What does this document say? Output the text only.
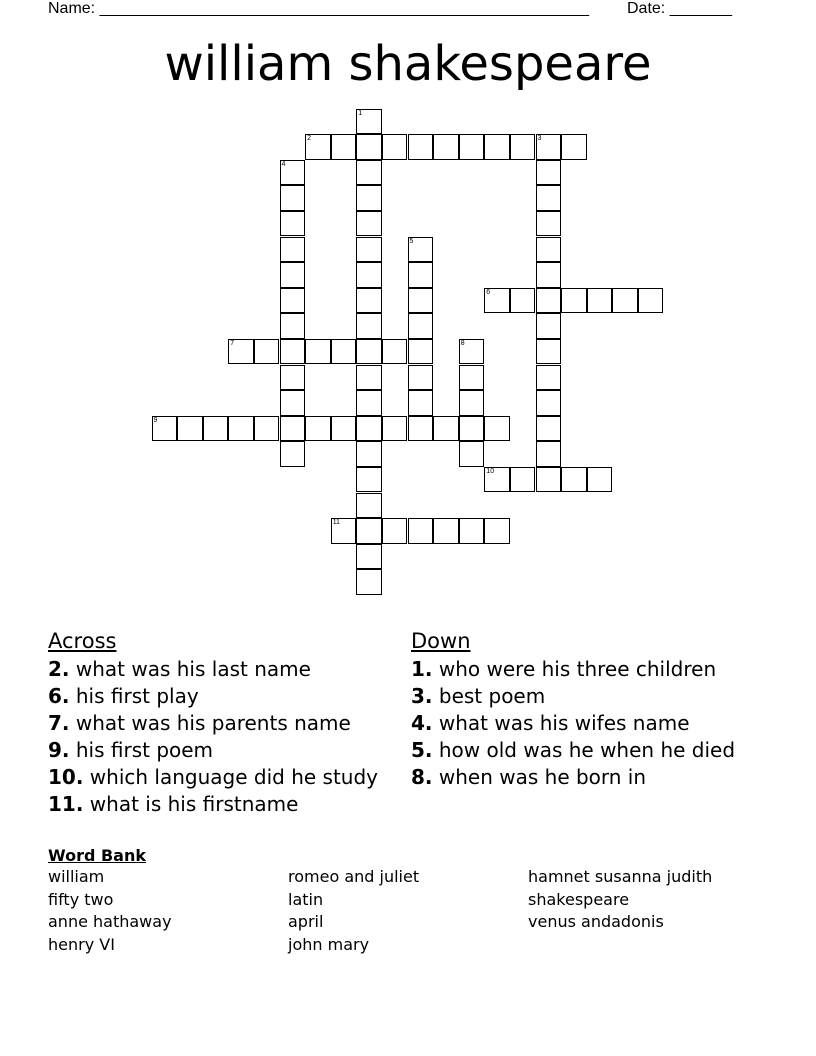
Name: _______________________________________________________ Date: _______
william shakespeare
1
2	3
4
5
6
7	8
9
10
11
Across
2. what was his last name
6. his first play
7. what was his parents name
9. his first poem
10. which language did he study
11. what is his firstname
Down
1. who were his three children
3. best poem
4. what was his wifes name
5. how old was he when he died
8. when was he born in
Word Bank
william	romeo and juliet	hamnet susanna judith
fifty two	latin	shakespeare
anne hathaway	april	venus andadonis
henry VI	john mary
